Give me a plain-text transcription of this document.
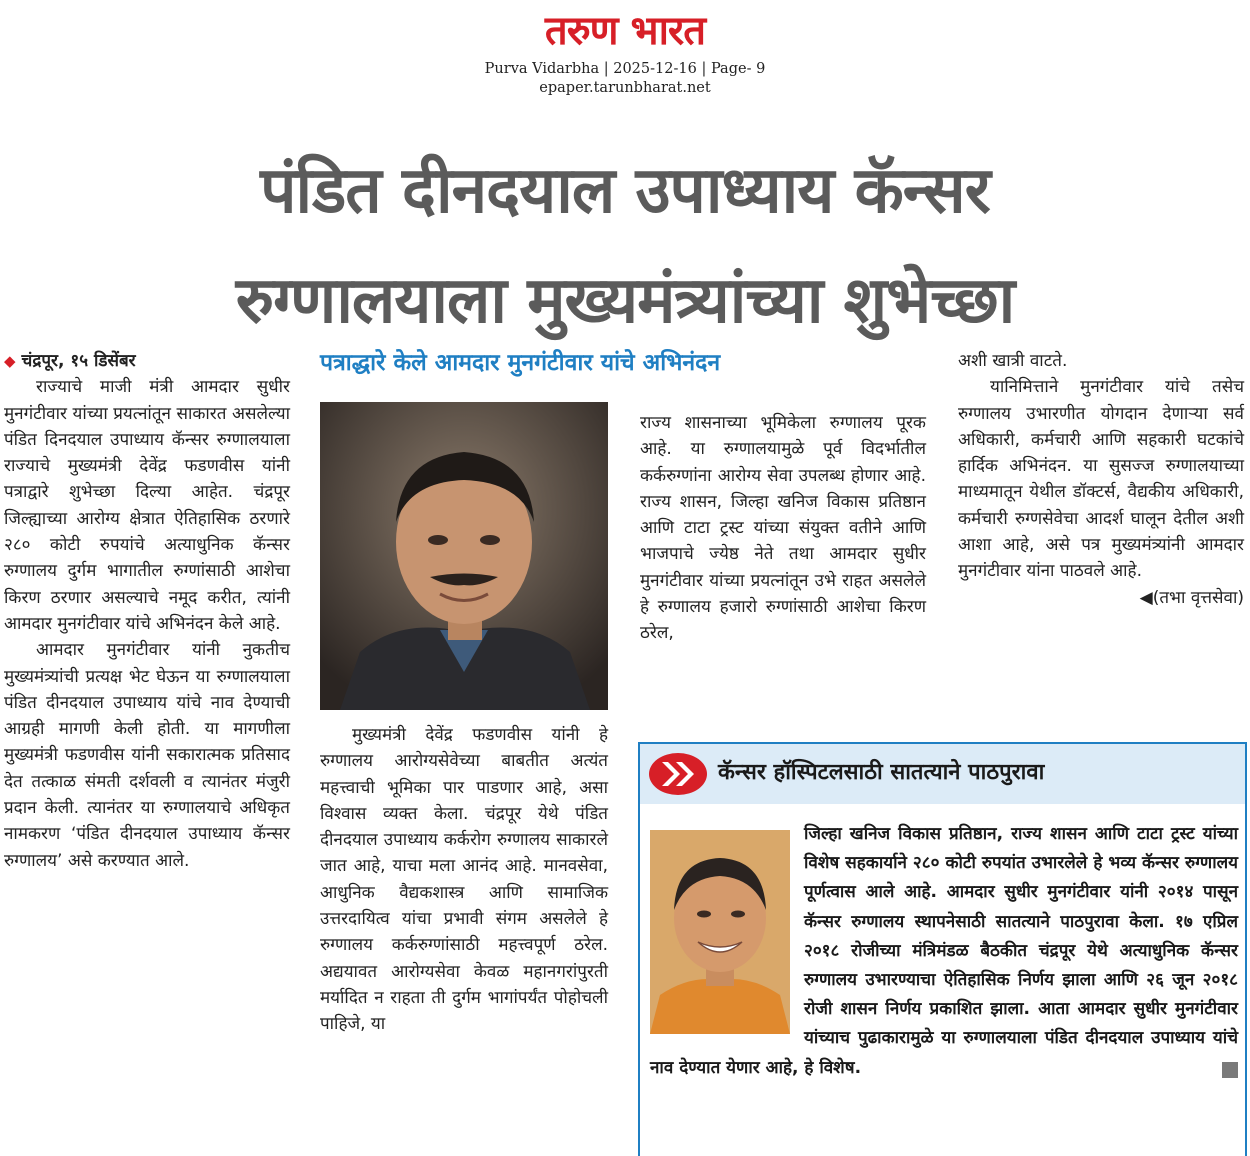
तरुण भारत
Purva Vidarbha | 2025-12-16 | Page- 9
epaper.tarunbharat.net
पंडित दीनदयाल उपाध्याय कॅन्सर
रुग्णालयाला मुख्यमंत्र्यांच्या शुभेच्छा

◆ चंद्रपूर, १५ डिसेंबर

राज्याचे माजी मंत्री आमदार सुधीर मुनगंटीवार यांच्या प्रयत्नांतून साकारत असलेल्या पंडित दिनदयाल उपाध्याय कॅन्सर रुग्णालयाला राज्याचे मुख्यमंत्री देवेंद्र फडणवीस यांनी पत्राद्वारे शुभेच्छा दिल्या आहेत. चंद्रपूर जिल्ह्याच्या आरोग्य क्षेत्रात ऐतिहासिक ठरणारे २८० कोटी रुपयांचे अत्याधुनिक कॅन्सर रुग्णालय दुर्गम भागातील रुग्णांसाठी आशेचा किरण ठरणार असल्याचे नमूद करीत, त्यांनी आमदार मुनगंटीवार यांचे अभिनंदन केले आहे.

आमदार मुनगंटीवार यांनी नुकतीच मुख्यमंत्र्यांची प्रत्यक्ष भेट घेऊन या रुग्णालयाला पंडित दीनदयाल उपाध्याय यांचे नाव देण्याची आग्रही मागणी केली होती. या मागणीला मुख्यमंत्री फडणवीस यांनी सकारात्मक प्रतिसाद देत तत्काळ संमती दर्शवली व त्यानंतर मंजुरी प्रदान केली. त्यानंतर या रुग्णालयाचे अधिकृत नामकरण ‘पंडित दीनदयाल उपाध्याय कॅन्सर रुग्णालय’ असे करण्यात आले.

पत्राद्धारे केले आमदार मुनगंटीवार यांचे अभिनंदन

मुख्यमंत्री देवेंद्र फडणवीस यांनी हे रुग्णालय आरोग्यसेवेच्या बाबतीत अत्यंत महत्त्वाची भूमिका पार पाडणार आहे, असा विश्वास व्यक्त केला. चंद्रपूर येथे पंडित दीनदयाल उपाध्याय कर्करोग रुग्णालय साकारले जात आहे, याचा मला आनंद आहे. मानवसेवा, आधुनिक वैद्यकशास्त्र आणि सामाजिक उत्तरदायित्व यांचा प्रभावी संगम असलेले हे रुग्णालय कर्करुग्णांसाठी महत्त्वपूर्ण ठरेल. अद्ययावत आरोग्यसेवा केवळ महानगरांपुरती मर्यादित न राहता ती दुर्गम भागांपर्यंत पोहोचली पाहिजे, या

राज्य शासनाच्या भूमिकेला रुग्णालय पूरक आहे. या रुग्णालयामुळे पूर्व विदर्भातील कर्करुग्णांना आरोग्य सेवा उपलब्ध होणार आहे. राज्य शासन, जिल्हा खनिज विकास प्रतिष्ठान आणि टाटा ट्रस्ट यांच्या संयुक्त वतीने आणि भाजपाचे ज्येष्ठ नेते तथा आमदार सुधीर मुनगंटीवार यांच्या प्रयत्नांतून उभे राहत असलेले हे रुग्णालय हजारो रुग्णांसाठी आशेचा किरण ठरेल,

अशी खात्री वाटते.

यानिमित्ताने मुनगंटीवार यांचे तसेच रुग्णालय उभारणीत योगदान देणाऱ्या सर्व अधिकारी, कर्मचारी आणि सहकारी घटकांचे हार्दिक अभिनंदन. या सुसज्ज रुग्णालयाच्या माध्यमातून येथील डॉक्टर्स, वैद्यकीय अधिकारी, कर्मचारी रुग्णसेवेचा आदर्श घालून देतील अशी आशा आहे, असे पत्र मुख्यमंत्र्यांनी आमदार मुनगंटीवार यांना पाठवले आहे.

◀(तभा वृत्तसेवा)

कॅन्सर हॉस्पिटलसाठी सातत्याने पाठपुरावा
जिल्हा खनिज विकास प्रतिष्ठान, राज्य शासन आणि टाटा ट्रस्ट यांच्या विशेष सहकार्याने २८० कोटी रुपयांत उभारलेले हे भव्य कॅन्सर रुग्णालय पूर्णत्वास आले आहे. आमदार सुधीर मुनगंटीवार यांनी २०१४ पासून कॅन्सर रुग्णालय स्थापनेसाठी सातत्याने पाठपुरावा केला. १७ एप्रिल २०१८ रोजीच्या मंत्रिमंडळ बैठकीत चंद्रपूर येथे अत्याधुनिक कॅन्सर रुग्णालय उभारण्याचा ऐतिहासिक निर्णय झाला आणि २६ जून २०१८ रोजी शासन निर्णय प्रकाशित झाला. आता आमदार सुधीर मुनगंटीवार यांच्याच पुढाकारामुळे या रुग्णालयाला पंडित दीनदयाल उपाध्याय यांचे नाव देण्यात येणार आहे, हे विशेष.
